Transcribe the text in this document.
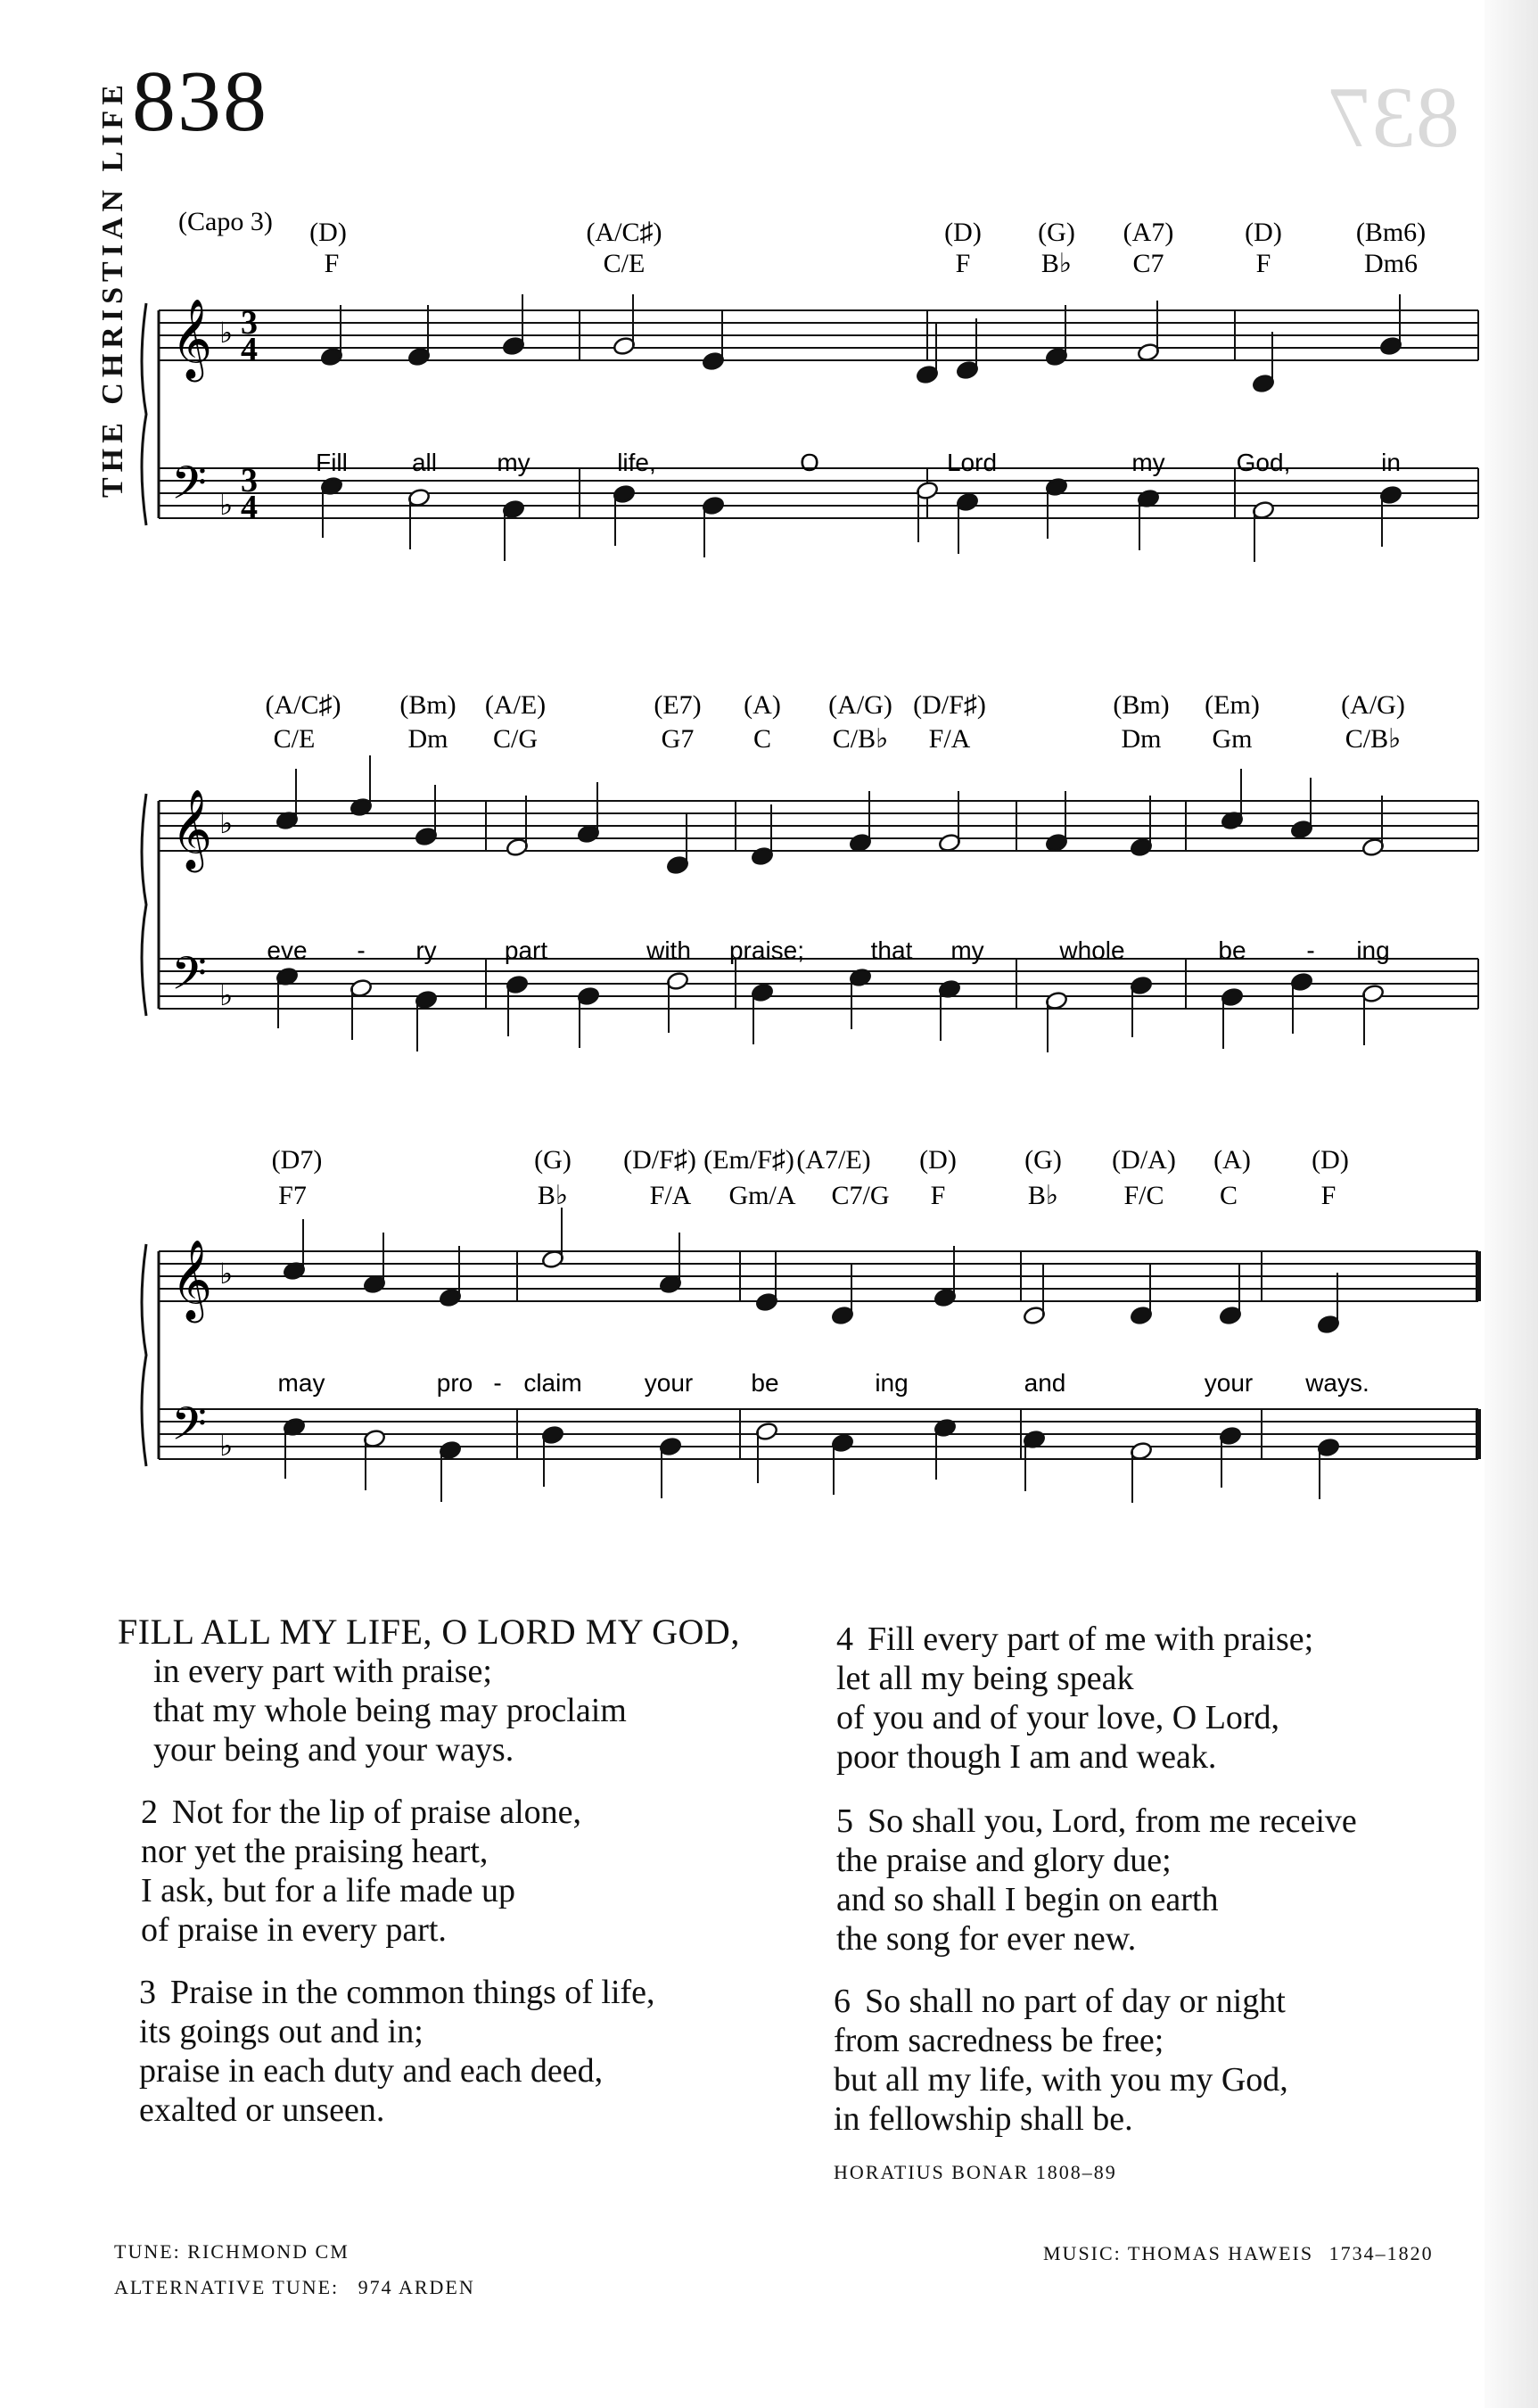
THE CHRISTIAN LIFE 838	837
(Capo 3)
𝄞
𝄢
♭
♭
3
3
4
4
(D)	(A/C♯)	(D) (G) (A7)	(D)	(Bm6)
F	C/E	F	B♭ C7	F	Dm6
Fill	all my	life,	O	Lord	my	God,	in
𝄞
𝄢
♭
♭
(A/C♯) (Bm) (A/E)	(E7) (A) (A/G) (D/F♯)	(Bm) (Em)	(A/G)
C/E	Dm C/G	G7 C C/B♭ F/A	Dm Gm	C/B♭
eve - ry	part	with praise;	that my	whole	be - ing
𝄞
𝄢
♭
♭
(D7)	(G) (D/F♯) (Em/F♯) (A7/E) (D)	(G) (D/A) (A) (D)
F7	B♭	F/A Gm/A C7/G F	B♭ F/C C	F
may	pro - claim	your be	ing	and	your ways.

FILL ALL MY LIFE, O LORD MY GOD,

in every part with praise;

that my whole being may proclaim

your being and your ways.

2 Not for the lip of praise alone,

nor yet the praising heart,

I ask, but for a life made up

of praise in every part.

3 Praise in the common things of life,

its goings out and in;

praise in each duty and each deed,

exalted or unseen.

4 Fill every part of me with praise;

let all my being speak

of you and of your love, O Lord,

poor though I am and weak.

5 So shall you, Lord, from me receive

the praise and glory due;

and so shall I begin on earth

the song for ever new.

6 So shall no part of day or night

from sacredness be free;

but all my life, with you my God,

in fellowship shall be.

HORATIUS BONAR 1808–89
TUNE: RICHMOND CM
ALTERNATIVE TUNE: 974 ARDEN
MUSIC: THOMAS HAWEIS 1734–1820
